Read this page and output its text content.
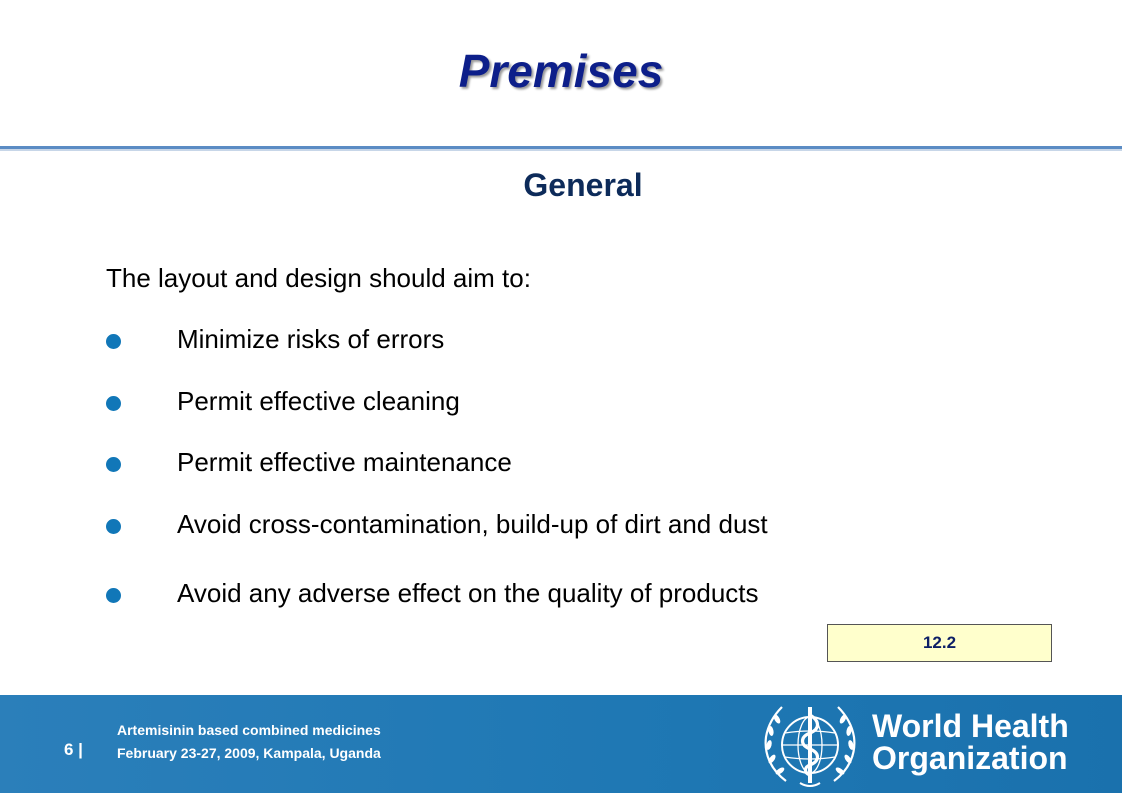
Premises
General
The layout and design should aim to:
Minimize risks of errors
Permit effective cleaning
Permit effective maintenance
Avoid cross-contamination, build-up of dirt and dust
Avoid any adverse effect on the quality of products
12.2
6 |
Artemisinin based combined medicines
February 23-27, 2009, Kampala, Uganda
World Health
Organization
